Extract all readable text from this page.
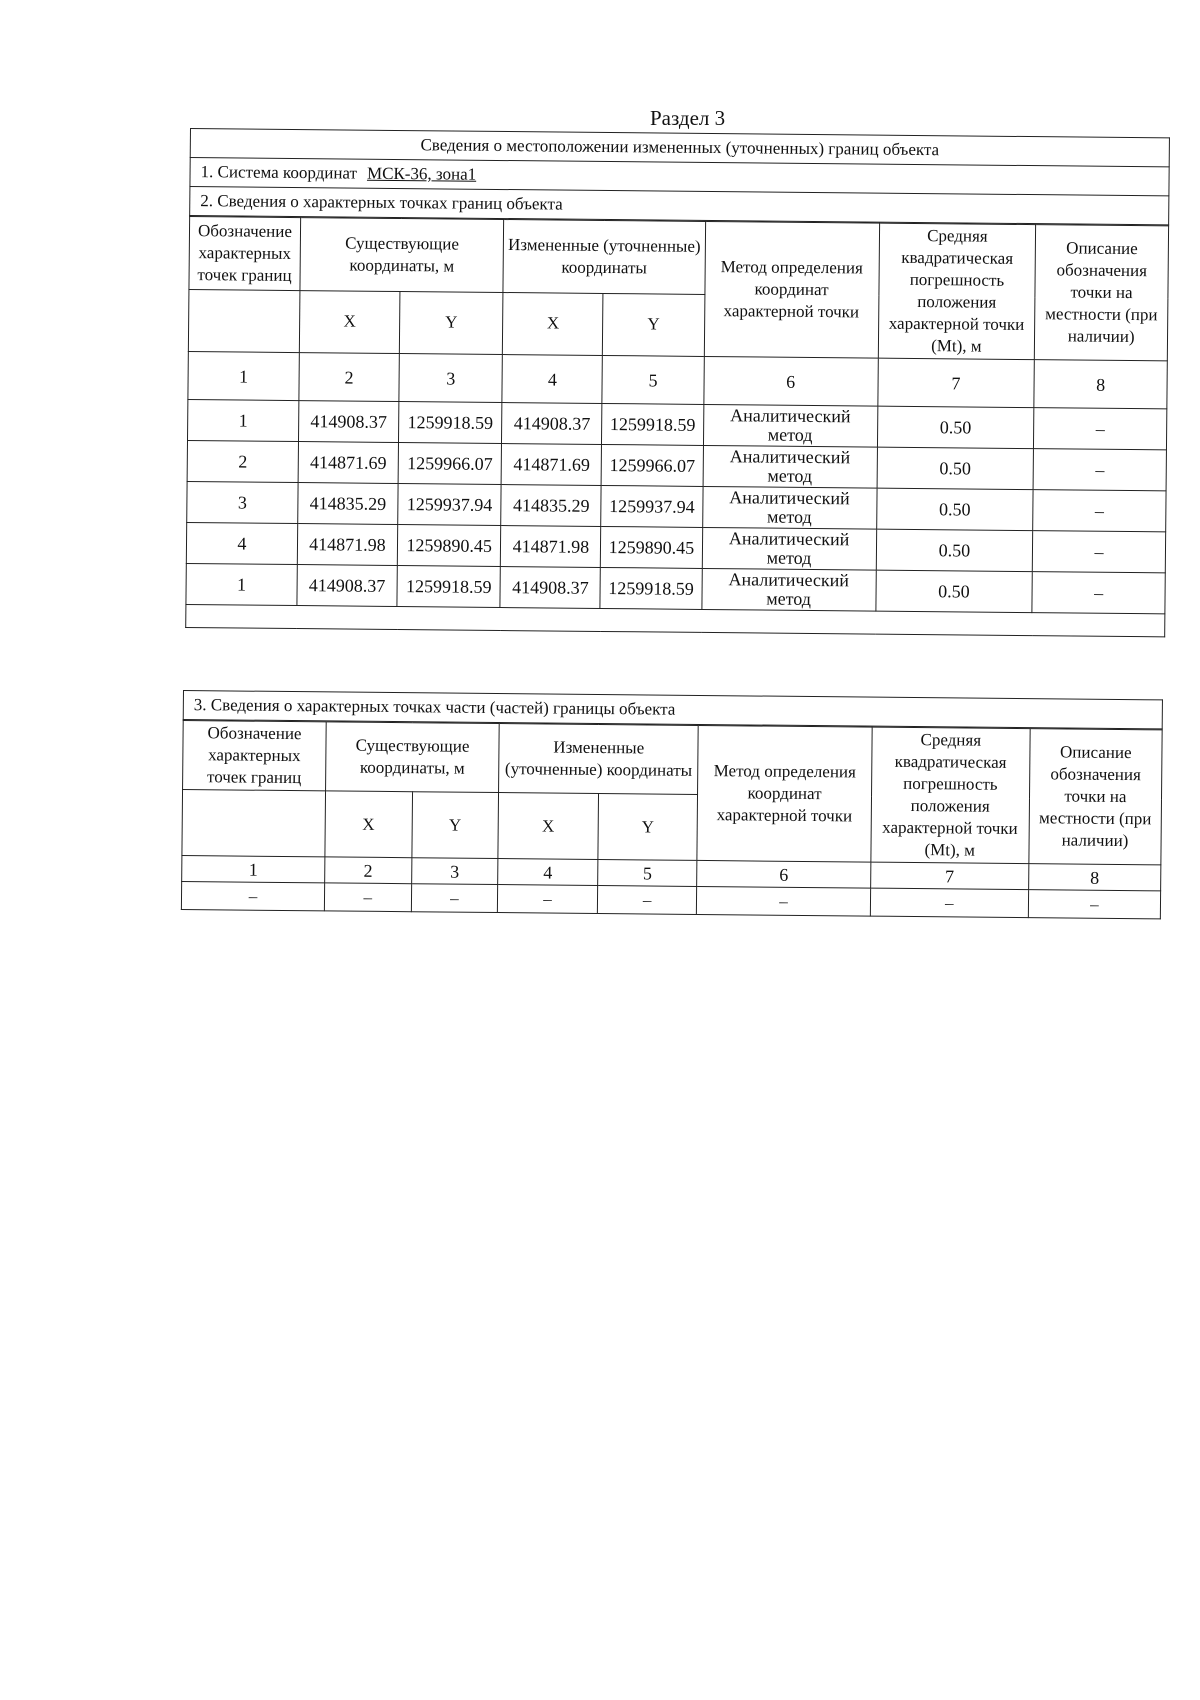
Раздел 3
Сведения о местоположении измененных (уточненных) границ объекта
1. Система координат МСК-36, зона1
2. Сведения о характерных точках границ объекта
Обозначение характерных точек границ	Существующие координаты, м		Измененные (уточненные) координаты		Метод определения координат характерной точки	Средняя квадратическая погрешность положения характерной точки (Mt), м	Описание обозначения точки на местности (при наличии)
	X	Y	X	Y			
1	2	3	4	5	6	7	8
1	414908.37	1259918.59	414908.37	1259918.59	Аналитический метод	0.50	–
2	414871.69	1259966.07	414871.69	1259966.07	Аналитический метод	0.50	–
3	414835.29	1259937.94	414835.29	1259937.94	Аналитический метод	0.50	–
4	414871.98	1259890.45	414871.98	1259890.45	Аналитический метод	0.50	–
1	414908.37	1259918.59	414908.37	1259918.59	Аналитический метод	0.50	–

3. Сведения о характерных точках части (частей) границы объекта
Обозначение характерных точек границ	Существующие координаты, м		Измененные (уточненные) координаты		Метод определения координат характерной точки	Средняя квадратическая погрешность положения характерной точки (Mt), м	Описание обозначения точки на местности (при наличии)
	X	Y	X	Y			
1	2	3	4	5	6	7	8
–	–	–	–	–	–	–	–
